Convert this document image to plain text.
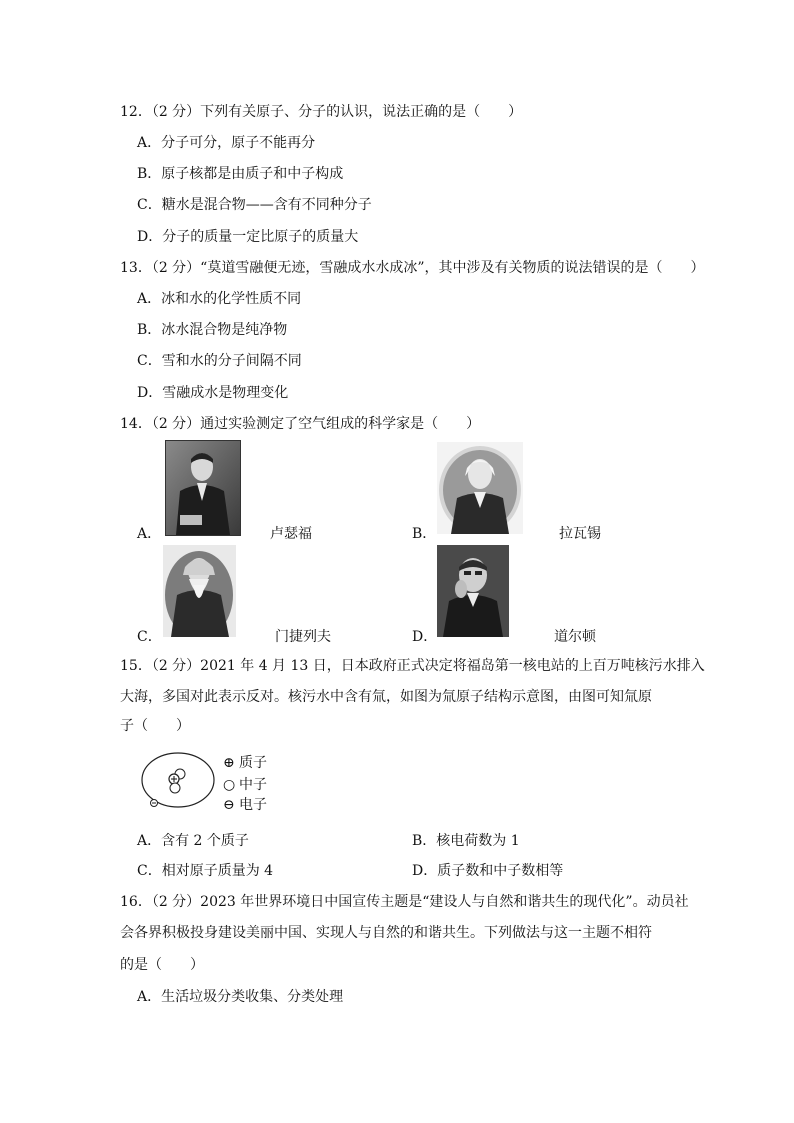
12．（2 分）下列有关原子、分子的认识，说法正确的是（　　）
A．分子可分，原子不能再分
B．原子核都是由质子和中子构成
C．糖水是混合物——含有不同种分子
D．分子的质量一定比原子的质量大
13．（2 分）“莫道雪融便无迹，雪融成水水成冰”，其中涉及有关物质的说法错误的是（　　）
A．冰和水的化学性质不同
B．冰水混合物是纯净物
C．雪和水的分子间隔不同
D．雪融成水是物理变化
14．（2 分）通过实验测定了空气组成的科学家是（　　）
A．	卢瑟福	B．	拉瓦锡
C．	门捷列夫	D．	道尔顿
15．（2 分）2021 年 4 月 13 日，日本政府正式决定将福岛第一核电站的上百万吨核污水排入
大海，多国对此表示反对。核污水中含有氚，如图为氚原子结构示意图，由图可知氚原
子（　　）
⊕ 质子
○ 中子
⊖ 电子
A．含有 2 个质子	B．核电荷数为 1
C．相对原子质量为 4	D．质子数和中子数相等
16．（2 分）2023 年世界环境日中国宣传主题是“建设人与自然和谐共生的现代化”。动员社
会各界积极投身建设美丽中国、实现人与自然的和谐共生。下列做法与这一主题不相符
的是（　　）
A．生活垃圾分类收集、分类处理
